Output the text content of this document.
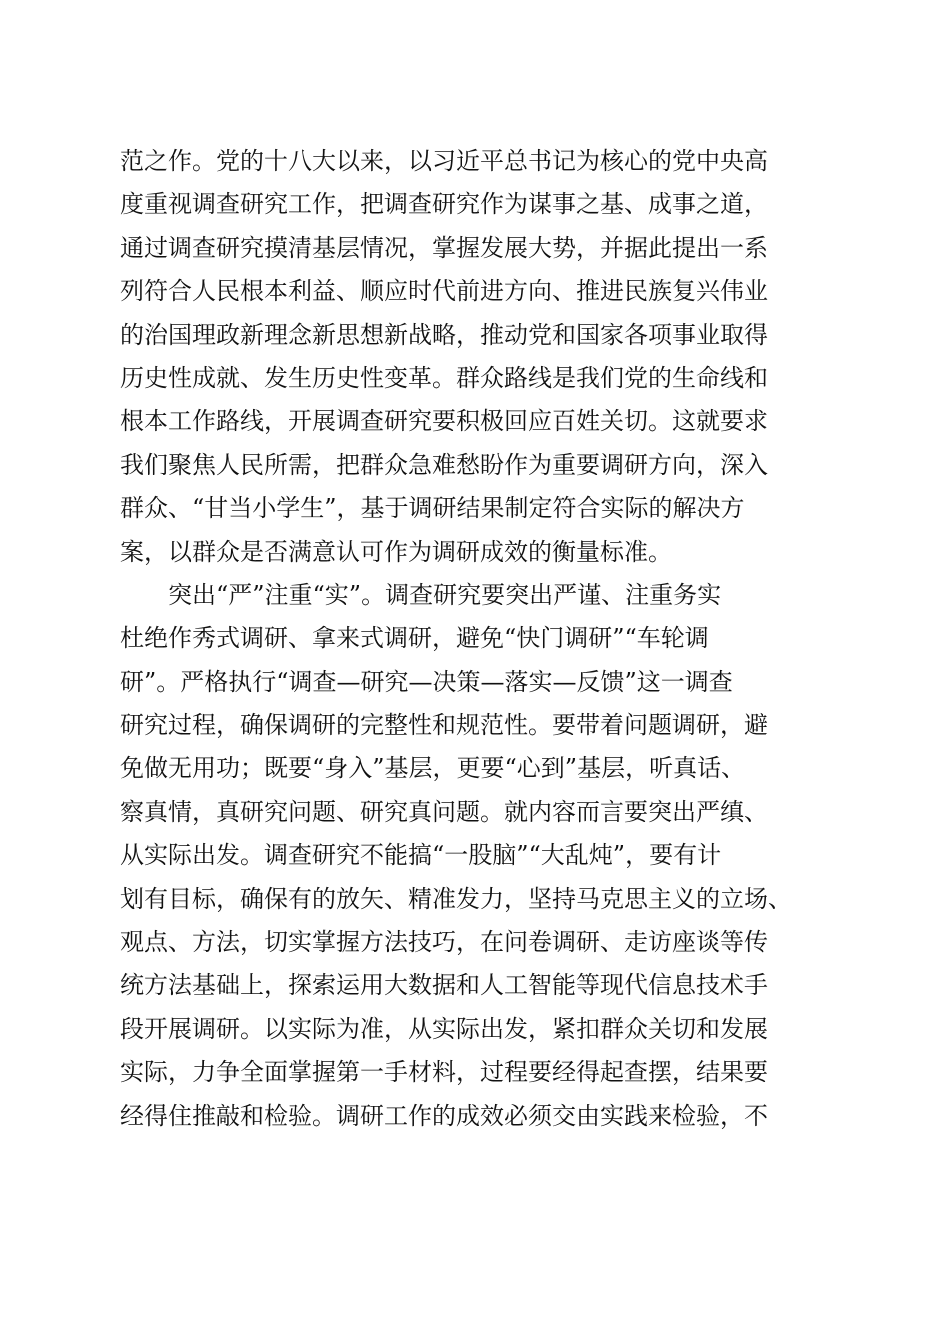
范之作。党的十八大以来，以习近平总书记为核心的党中央高
度重视调查研究工作，把调查研究作为谋事之基、成事之道，
通过调查研究摸清基层情况，掌握发展大势，并据此提出一系
列符合人民根本利益、顺应时代前进方向、推进民族复兴伟业
的治国理政新理念新思想新战略，推动党和国家各项事业取得
历史性成就、发生历史性变革。群众路线是我们党的生命线和
根本工作路线，开展调查研究要积极回应百姓关切。这就要求
我们聚焦人民所需，把群众急难愁盼作为重要调研方向，深入
群众、“甘当小学生”，基于调研结果制定符合实际的解决方
案，以群众是否满意认可作为调研成效的衡量标准。
　　突出“严”注重“实”。调查研究要突出严谨、注重务实
杜绝作秀式调研、拿来式调研，避免“快门调研”“车轮调
研”。严格执行“调查—研究—决策—落实—反馈”这一调查
研究过程，确保调研的完整性和规范性。要带着问题调研，避
免做无用功；既要“身入”基层，更要“心到”基层，听真话、
察真情，真研究问题、研究真问题。就内容而言要突出严缜、
从实际出发。调查研究不能搞“一股脑”“大乱炖”，要有计
划有目标，确保有的放矢、精准发力，坚持马克思主义的立场、
观点、方法，切实掌握方法技巧，在问卷调研、走访座谈等传
统方法基础上，探索运用大数据和人工智能等现代信息技术手
段开展调研。以实际为准，从实际出发，紧扣群众关切和发展
实际，力争全面掌握第一手材料，过程要经得起查摆，结果要
经得住推敲和检验。调研工作的成效必须交由实践来检验，不
